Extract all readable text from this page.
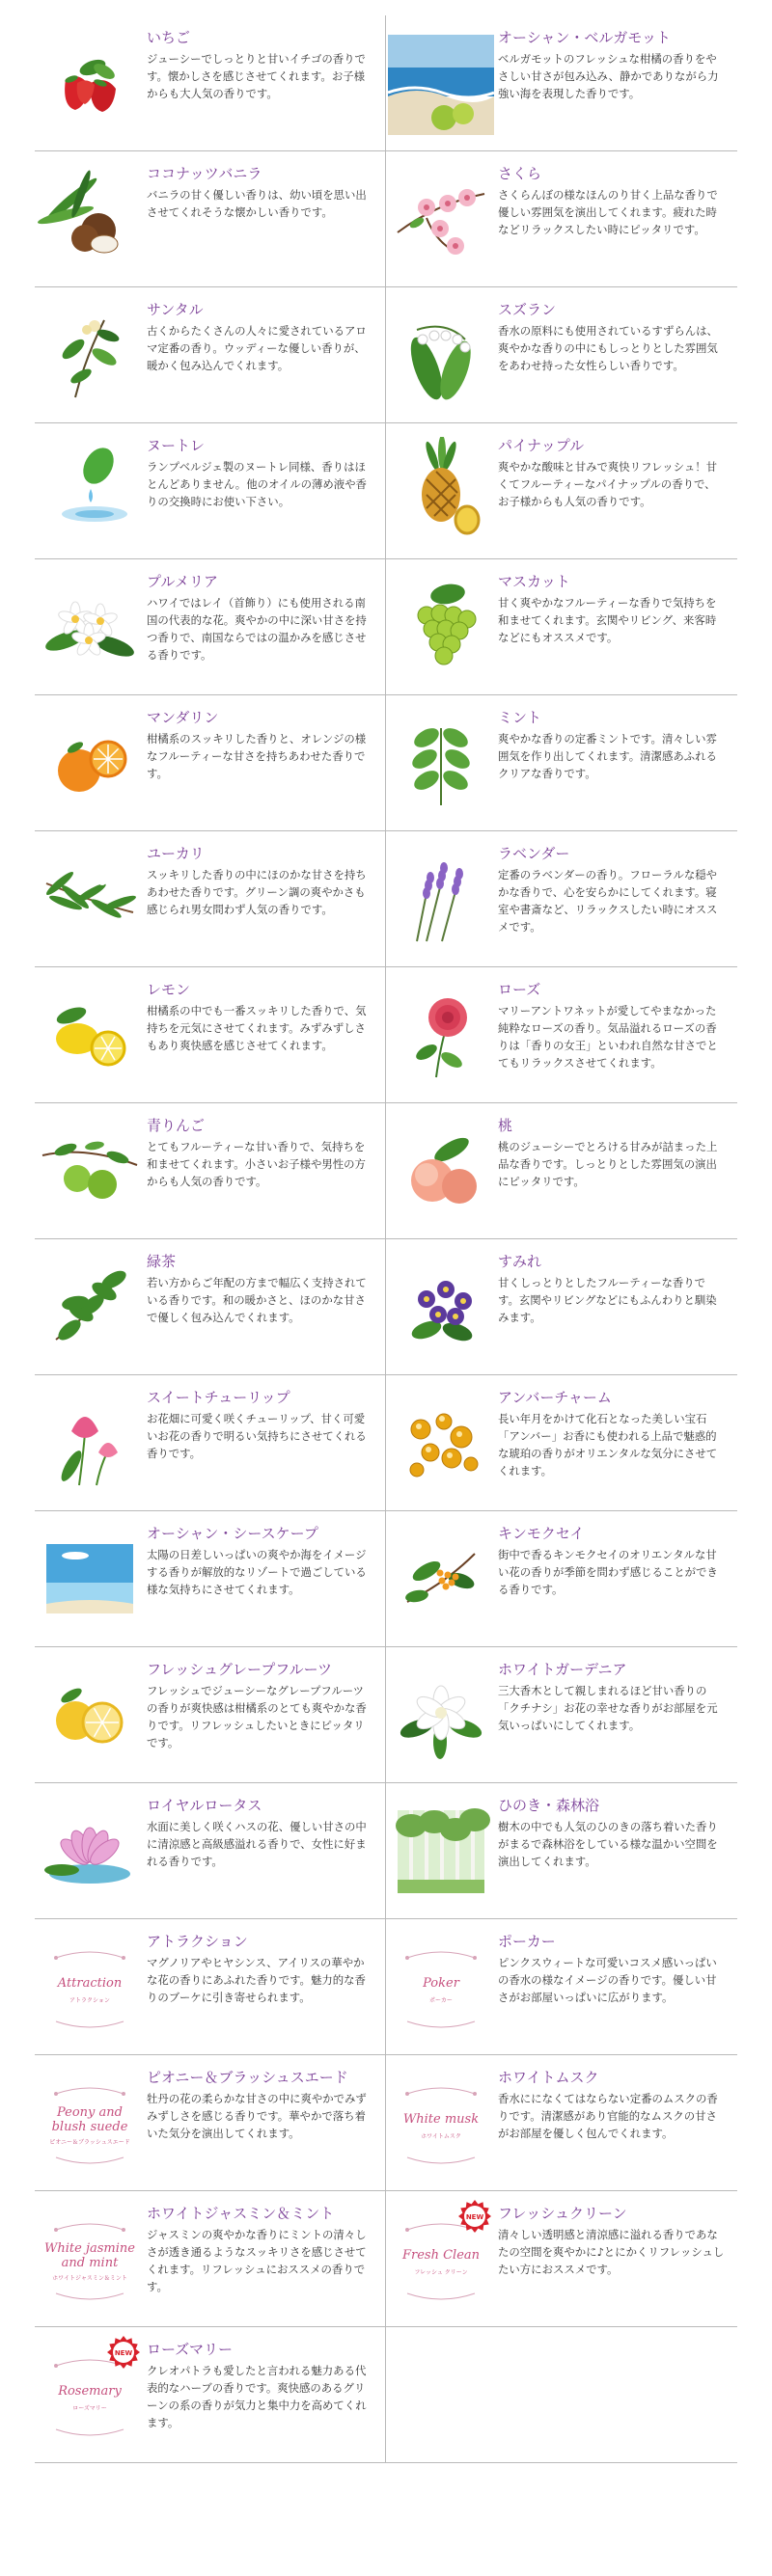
いちご
ジューシーでしっとりと甘いイチゴの香りです。懐かしさを感じさせてくれます。お子様からも大人気の香りです。
オーシャン・ベルガモット
ベルガモットのフレッシュな柑橘の香りをやさしい甘さが包み込み、静かでありながら力強い海を表現した香りです。
ココナッツバニラ
バニラの甘く優しい香りは、幼い頃を思い出させてくれそうな懐かしい香りです。
さくら
さくらんぼの様なほんのり甘く上品な香りで優しい雰囲気を演出してくれます。疲れた時などリラックスしたい時にピッタリです。
サンタル
古くからたくさんの人々に愛されているアロマ定番の香り。ウッディーな優しい香りが、暖かく包み込んでくれます。
スズラン
香水の原料にも使用されているすずらんは、爽やかな香りの中にもしっとりとした雰囲気をあわせ持った女性らしい香りです。
ヌートレ
ランプベルジェ製のヌートレ同様、香りはほとんどありません。他のオイルの薄め液や香りの交換時にお使い下さい。
パイナップル
爽やかな酸味と甘みで爽快リフレッシュ！甘くてフルーティーなパイナップルの香りで、お子様からも人気の香りです。
プルメリア
ハワイではレイ（首飾り）にも使用される南国の代表的な花。爽やかの中に深い甘さを持つ香りで、南国ならではの温かみを感じさせる香りです。
マスカット
甘く爽やかなフルーティーな香りで気持ちを和ませてくれます。玄関やリビング、来客時などにもオススメです。
マンダリン
柑橘系のスッキリした香りと、オレンジの様なフルーティーな甘さを持ちあわせた香りです。
ミント
爽やかな香りの定番ミントです。清々しい雰囲気を作り出してくれます。清潔感あふれるクリアな香りです。
ユーカリ
スッキリした香りの中にほのかな甘さを持ちあわせた香りです。グリーン調の爽やかさも感じられ男女問わず人気の香りです。
ラベンダー
定番のラベンダーの香り。フローラルな穏やかな香りで、心を安らかにしてくれます。寝室や書斎など、リラックスしたい時にオススメです。
レモン
柑橘系の中でも一番スッキリした香りで、気持ちを元気にさせてくれます。みずみずしさもあり爽快感を感じさせてくれます。
ローズ
マリーアントワネットが愛してやまなかった純粋なローズの香り。気品溢れるローズの香りは「香りの女王」といわれ自然な甘さでとてもリラックスさせてくれます。
青りんご
とてもフルーティーな甘い香りで、気持ちを和ませてくれます。小さいお子様や男性の方からも人気の香りです。
桃
桃のジューシーでとろける甘みが詰まった上品な香りです。しっとりとした雰囲気の演出にピッタリです。
緑茶
若い方からご年配の方まで幅広く支持されている香りです。和の暖かさと、ほのかな甘さで優しく包み込んでくれます。
すみれ
甘くしっとりとしたフルーティーな香りです。玄関やリビングなどにもふんわりと馴染みます。
スイートチューリップ
お花畑に可愛く咲くチューリップ、甘く可愛いお花の香りで明るい気持ちにさせてくれる香りです。
アンバーチャーム
長い年月をかけて化石となった美しい宝石「アンバー」お香にも使われる上品で魅惑的な琥珀の香りがオリエンタルな気分にさせてくれます。
オーシャン・シースケープ
太陽の日差しいっぱいの爽やか海をイメージする香りが解放的なリゾートで過ごしている様な気持ちにさせてくれます。
キンモクセイ
街中で香るキンモクセイのオリエンタルな甘い花の香りが季節を問わず感じることができる香りです。
フレッシュグレープフルーツ
フレッシュでジューシーなグレープフルーツの香りが爽快感は柑橘系のとても爽やかな香りです。リフレッシュしたいときにピッタリです。
ホワイトガーデニア
三大香木として親しまれるほど甘い香りの「クチナシ」お花の幸せな香りがお部屋を元気いっぱいにしてくれます。
ロイヤルロータス
水面に美しく咲くハスの花、優しい甘さの中に清涼感と高級感溢れる香りで、女性に好まれる香りです。
ひのき・森林浴
樹木の中でも人気のひのきの落ち着いた香りがまるで森林浴をしている様な温かい空間を演出してくれます。
Attraction
アトラクション
アトラクション
マグノリアやヒヤシンス、アイリスの華やかな花の香りにあふれた香りです。魅力的な香りのブーケに引き寄せられます。
Poker
ポーカー
ポーカー
ピンクスウィートな可愛いコスメ感いっぱいの香水の様なイメージの香りです。優しい甘さがお部屋いっぱいに広がります。
Peony and
blush suede
ピオニー＆ブラッシュスエード
ピオニー＆ブラッシュスエード
牡丹の花の柔らかな甘さの中に爽やかでみずみずしさを感じる香りです。華やかで落ち着いた気分を演出してくれます。
White musk
ホワイトムスク
ホワイトムスク
香水にになくてはならない定番のムスクの香りです。清潔感があり官能的なムスクの甘さがお部屋を優しく包んでくれます。
White jasmine
and mint
ホワイトジャスミン＆ミント
ホワイトジャスミン＆ミント
ジャスミンの爽やかな香りにミントの清々しさが透き通るようなスッキリさを感じさせてくれます。リフレッシュにおススメの香りです。
Fresh Clean
フレッシュ クリーン
NEW フレッシュクリーン
清々しい透明感と清涼感に溢れる香りであなたの空間を爽やかに♪とにかくリフレッシュしたい方におススメです。
Rosemary
ローズマリー
NEW ローズマリー
クレオパトラも愛したと言われる魅力ある代表的なハーブの香りです。爽快感のあるグリーンの系の香りが気力と集中力を高めてくれます。
